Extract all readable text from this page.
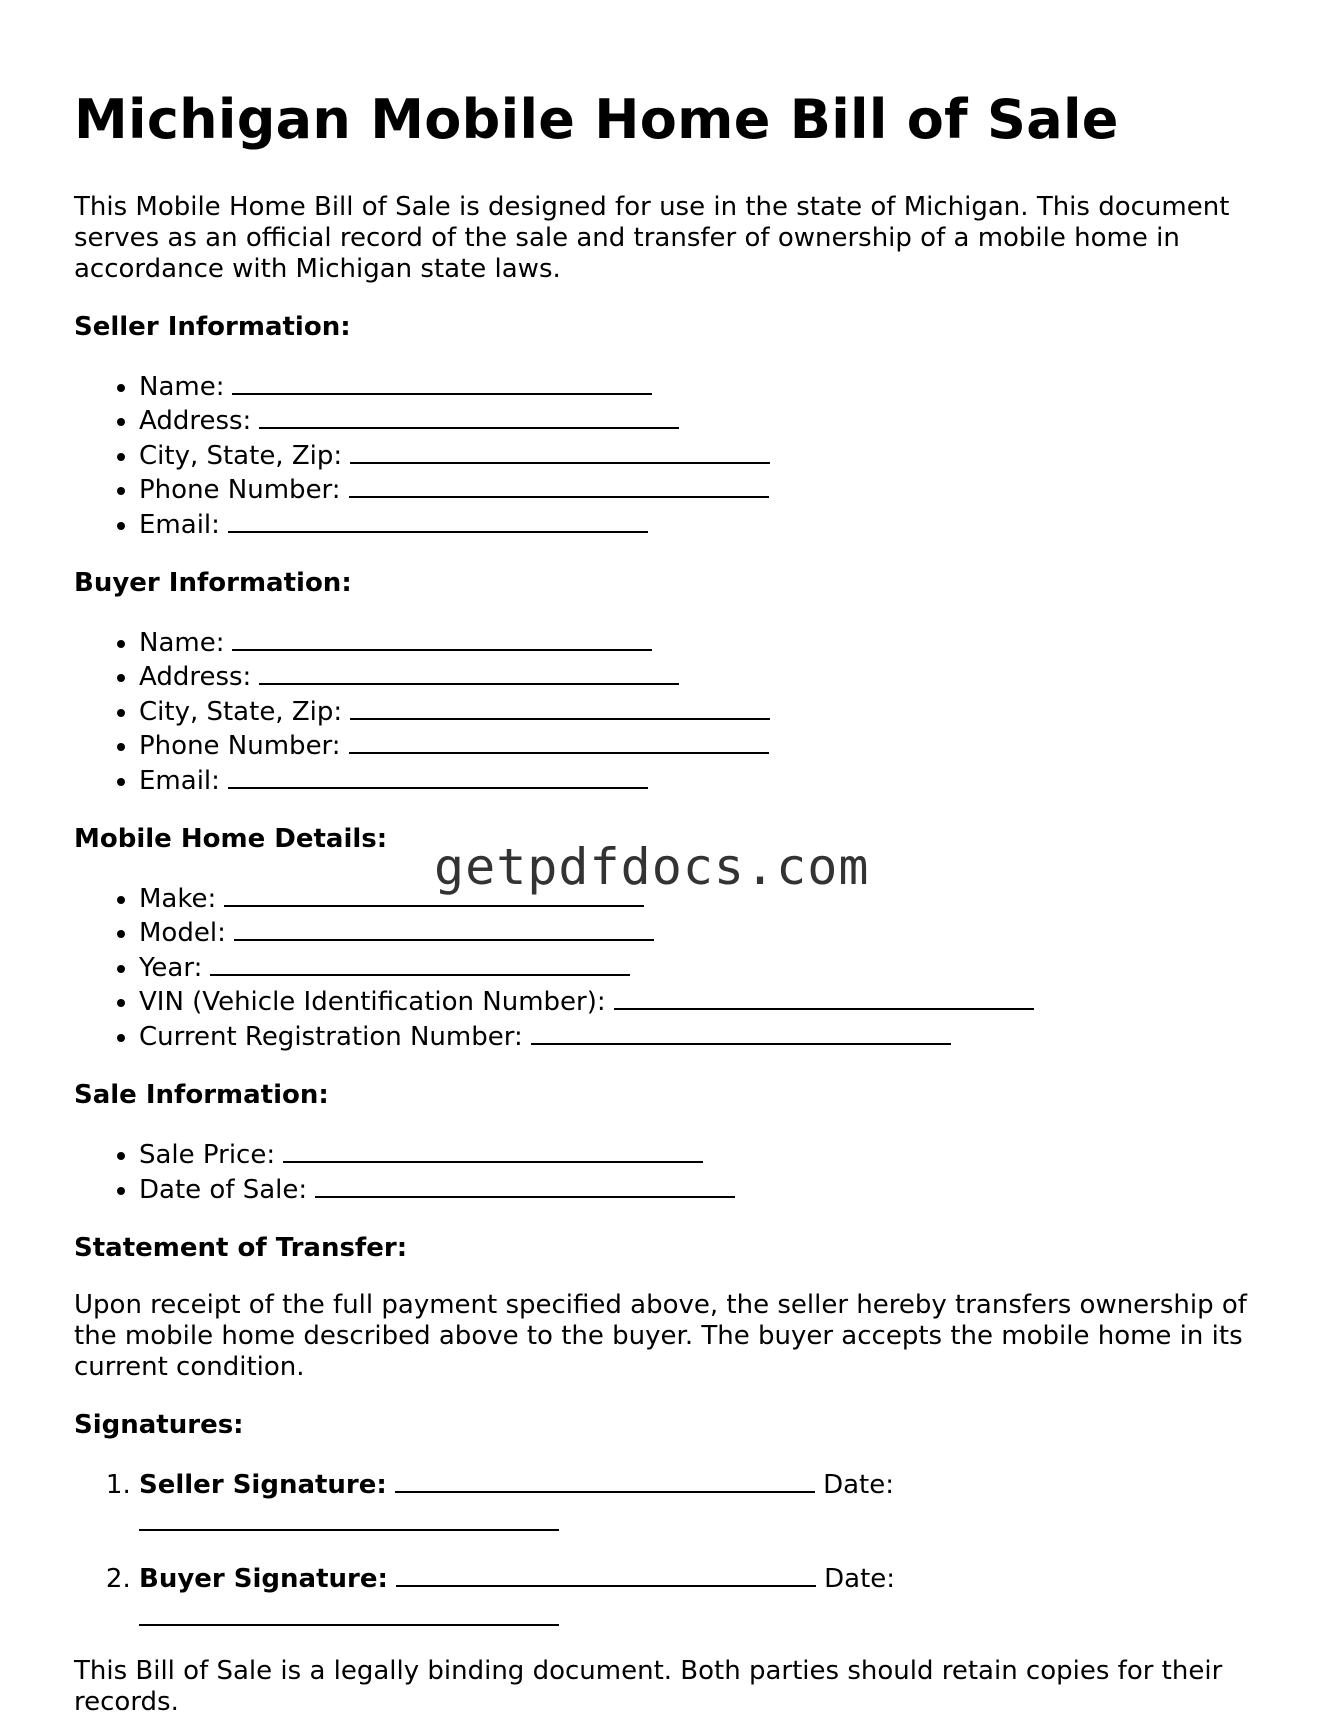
Michigan Mobile Home Bill of Sale

This Mobile Home Bill of Sale is designed for use in the state of Michigan. This document serves as an official record of the sale and transfer of ownership of a mobile home in accordance with Michigan state laws.

Seller Information:
• Name:
• Address:
• City, State, Zip:
• Phone Number:
• Email:
Buyer Information:
• Name:
• Address:
• City, State, Zip:
• Phone Number:
• Email:
Mobile Home Details:
• Make:
• Model:
• Year:
• VIN (Vehicle Identification Number):
• Current Registration Number:
Sale Information:
• Sale Price:
• Date of Sale:
Statement of Transfer:

Upon receipt of the full payment specified above, the seller hereby transfers ownership of the mobile home described above to the buyer. The buyer accepts the mobile home in its current condition.

Signatures:
1. Seller Signature:	Date:
2. Buyer Signature:	Date:

This Bill of Sale is a legally binding document. Both parties should retain copies for their records.

getpdfdocs.com
